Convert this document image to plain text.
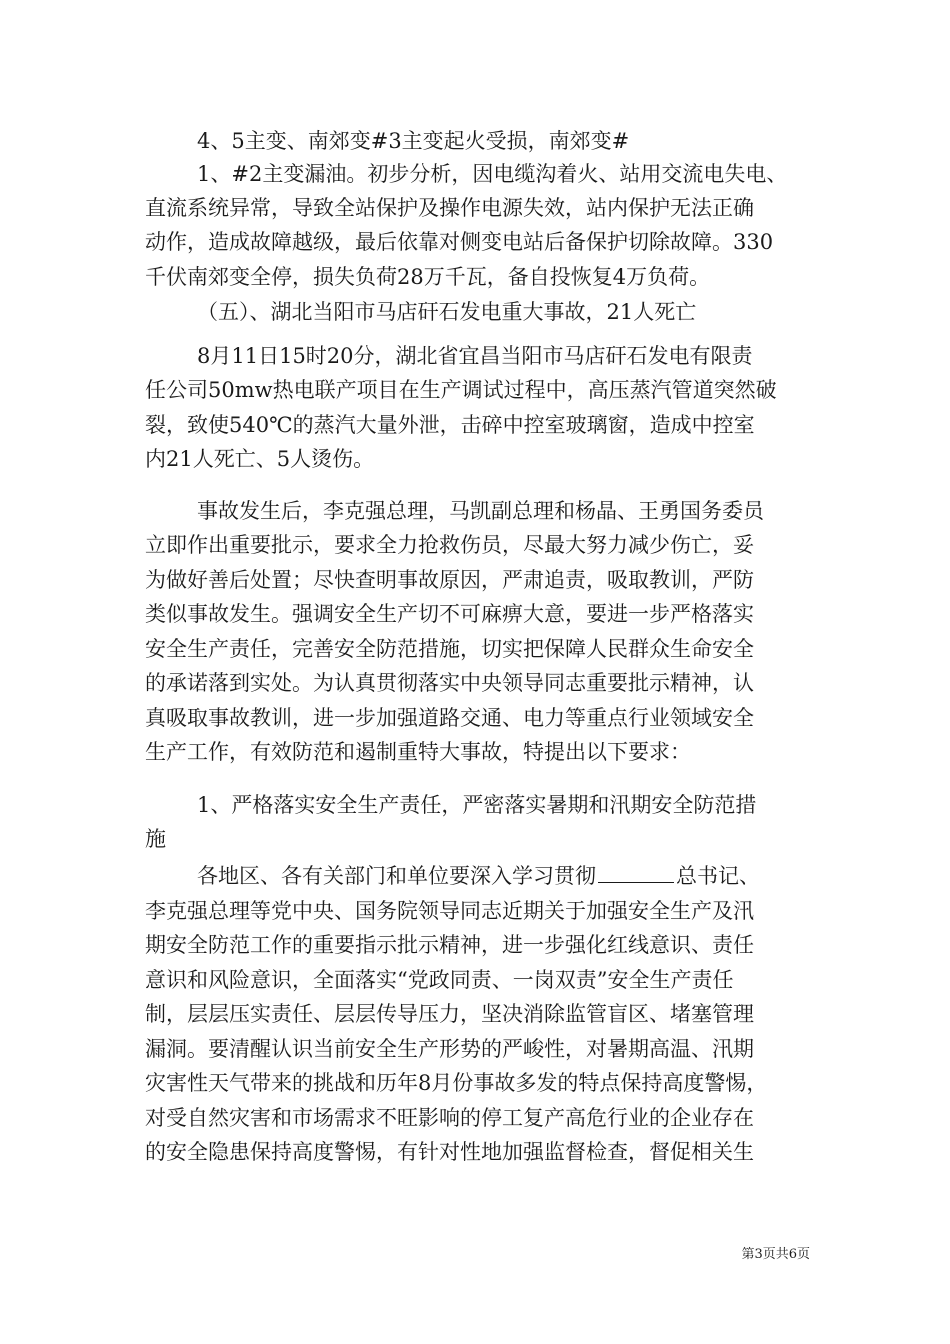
4、5主变、南郊变#3主变起火受损，南郊变#
1、#2主变漏油。初步分析，因电缆沟着火、站用交流电失电、
直流系统异常，导致全站保护及操作电源失效，站内保护无法正确
动作，造成故障越级，最后依靠对侧变电站后备保护切除故障。330
千伏南郊变全停，损失负荷28万千瓦，备自投恢复4万负荷。
（五）、湖北当阳市马店矸石发电重大事故，21人死亡
8月11日15时20分，湖北省宜昌当阳市马店矸石发电有限责
任公司50mw热电联产项目在生产调试过程中，高压蒸汽管道突然破
裂，致使540℃的蒸汽大量外泄，击碎中控室玻璃窗，造成中控室
内21人死亡、5人烫伤。
事故发生后，李克强总理，马凯副总理和杨晶、王勇国务委员
立即作出重要批示，要求全力抢救伤员，尽最大努力减少伤亡，妥
为做好善后处置；尽快查明事故原因，严肃追责，吸取教训，严防
类似事故发生。强调安全生产切不可麻痹大意，要进一步严格落实
安全生产责任，完善安全防范措施，切实把保障人民群众生命安全
的承诺落到实处。为认真贯彻落实中央领导同志重要批示精神，认
真吸取事故教训，进一步加强道路交通、电力等重点行业领域安全
生产工作，有效防范和遏制重特大事故，特提出以下要求：
1、严格落实安全生产责任，严密落实暑期和汛期安全防范措
施
各地区、各有关部门和单位要深入学习贯彻	总书记、
李克强总理等党中央、国务院领导同志近期关于加强安全生产及汛
期安全防范工作的重要指示批示精神，进一步强化红线意识、责任
意识和风险意识，全面落实“党政同责、一岗双责”安全生产责任
制，层层压实责任、层层传导压力，坚决消除监管盲区、堵塞管理
漏洞。要清醒认识当前安全生产形势的严峻性，对暑期高温、汛期
灾害性天气带来的挑战和历年8月份事故多发的特点保持高度警惕，
对受自然灾害和市场需求不旺影响的停工复产高危行业的企业存在
的安全隐患保持高度警惕，有针对性地加强监督检查，督促相关生
第3页共6页
